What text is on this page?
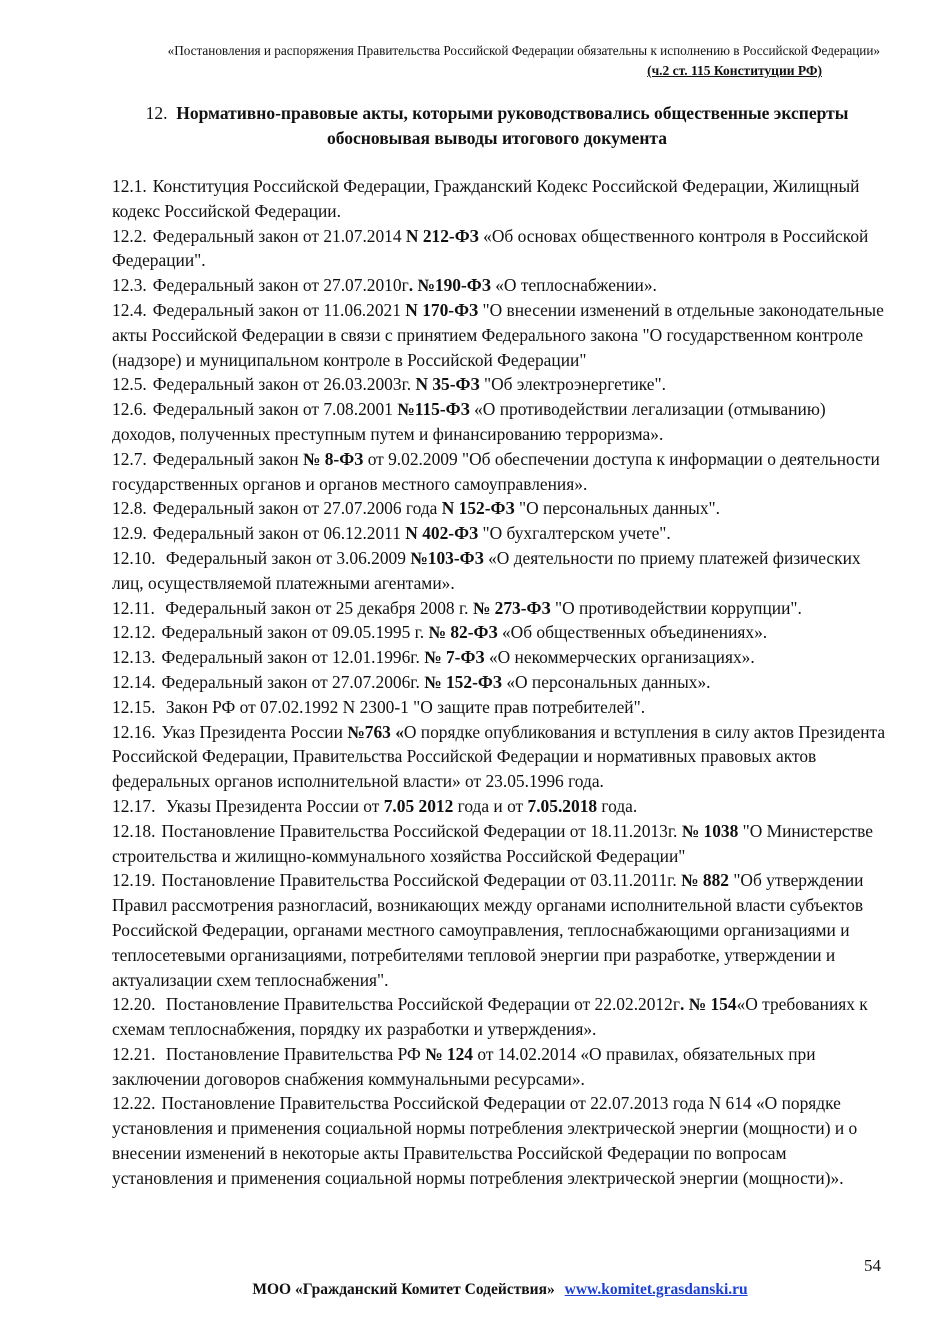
«Постановления и распоряжения Правительства Российской Федерации обязательны к исполнению в Российской Федерации»
(ч.2 ст. 115 Конституции РФ)
12. Нормативно-правовые акты, которыми руководствовались общественные эксперты обосновывая выводы итогового документа
12.1. Конституция Российской Федерации, Гражданский Кодекс Российской Федерации, Жилищный кодекс Российской Федерации.
12.2. Федеральный закон от 21.07.2014 N 212-ФЗ «Об основах общественного контроля в Российской Федерации".
12.3. Федеральный закон от 27.07.2010г. №190-ФЗ «О теплоснабжении».
12.4. Федеральный закон от 11.06.2021 N 170-ФЗ "О внесении изменений в отдельные законодательные акты Российской Федерации в связи с принятием Федерального закона "О государственном контроле (надзоре) и муниципальном контроле в Российской Федерации"
12.5. Федеральный закон от 26.03.2003г. N 35-ФЗ "Об электроэнергетике".
12.6. Федеральный закон от 7.08.2001 №115-ФЗ «О противодействии легализации (отмыванию) доходов, полученных преступным путем и финансированию терроризма».
12.7. Федеральный закон № 8-ФЗ от 9.02.2009 "Об обеспечении доступа к информации о деятельности государственных органов и органов местного самоуправления».
12.8. Федеральный закон от 27.07.2006 года N 152-ФЗ "О персональных данных".
12.9. Федеральный закон от 06.12.2011 N 402-ФЗ "О бухгалтерском учете".
12.10. Федеральный закон от 3.06.2009 №103-ФЗ «О деятельности по приему платежей физических лиц, осуществляемой платежными агентами».
12.11. Федеральный закон от 25 декабря 2008 г. № 273-ФЗ "О противодействии коррупции".
12.12. Федеральный закон от 09.05.1995 г. № 82-ФЗ «Об общественных объединениях».
12.13. Федеральный закон от 12.01.1996г. № 7-ФЗ «О некоммерческих организациях».
12.14. Федеральный закон от 27.07.2006г. № 152-ФЗ «О персональных данных».
12.15. Закон РФ от 07.02.1992 N 2300-1 "О защите прав потребителей".
12.16. Указ Президента России №763 «О порядке опубликования и вступления в силу актов Президента Российской Федерации, Правительства Российской Федерации и нормативных правовых актов федеральных органов исполнительной власти» от 23.05.1996 года.
12.17. Указы Президента России от 7.05 2012 года и от 7.05.2018 года.
12.18. Постановление Правительства Российской Федерации от 18.11.2013г. № 1038 "О Министерстве строительства и жилищно-коммунального хозяйства Российской Федерации"
12.19. Постановление Правительства Российской Федерации от 03.11.2011г. № 882 "Об утверждении Правил рассмотрения разногласий, возникающих между органами исполнительной власти субъектов Российской Федерации, органами местного самоуправления, теплоснабжающими организациями и теплосетевыми организациями, потребителями тепловой энергии при разработке, утверждении и актуализации схем теплоснабжения".
12.20. Постановление Правительства Российской Федерации от 22.02.2012г. № 154«О требованиях к схемам теплоснабжения, порядку их разработки и утверждения».
12.21. Постановление Правительства РФ № 124 от 14.02.2014 «О правилах, обязательных при заключении договоров снабжения коммунальными ресурсами».
12.22. Постановление Правительства Российской Федерации от 22.07.2013 года N 614 «О порядке установления и применения социальной нормы потребления электрической энергии (мощности) и о внесении изменений в некоторые акты Правительства Российской Федерации по вопросам установления и применения социальной нормы потребления электрической энергии (мощности)».
54
МОО «Гражданский Комитет Содействия» www.komitet.grasdanski.ru
